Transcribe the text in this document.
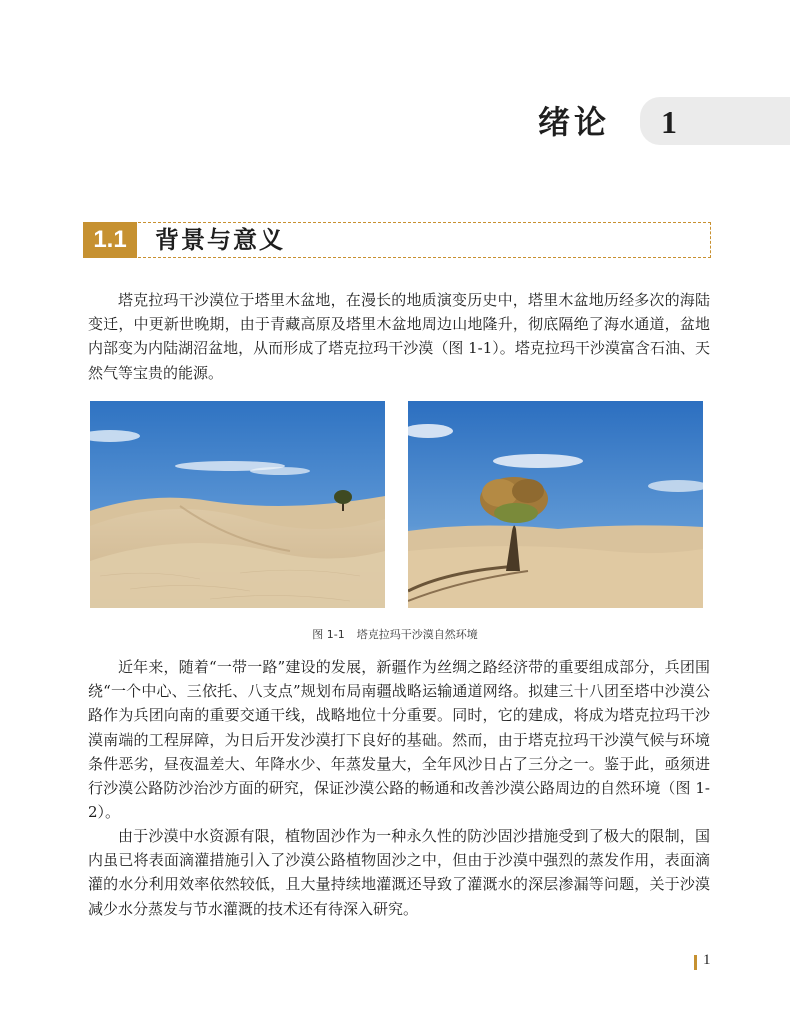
绪论 1
1.1	背景与意义

塔克拉玛干沙漠位于塔里木盆地，在漫长的地质演变历史中，塔里木盆地历经多次的海陆变迁，中更新世晚期，由于青藏高原及塔里木盆地周边山地隆升，彻底隔绝了海水通道，盆地内部变为内陆湖沼盆地，从而形成了塔克拉玛干沙漠（图 1-1）。塔克拉玛干沙漠富含石油、天然气等宝贵的能源。

图 1-1 塔克拉玛干沙漠自然环境

近年来，随着“一带一路”建设的发展，新疆作为丝绸之路经济带的重要组成部分，兵团围绕“一个中心、三依托、八支点”规划布局南疆战略运输通道网络。拟建三十八团至塔中沙漠公路作为兵团向南的重要交通干线，战略地位十分重要。同时，它的建成，将成为塔克拉玛干沙漠南端的工程屏障，为日后开发沙漠打下良好的基础。然而，由于塔克拉玛干沙漠气候与环境条件恶劣，昼夜温差大、年降水少、年蒸发量大，全年风沙日占了三分之一。鉴于此，亟须进行沙漠公路防沙治沙方面的研究，保证沙漠公路的畅通和改善沙漠公路周边的自然环境（图 1-2）。

由于沙漠中水资源有限，植物固沙作为一种永久性的防沙固沙措施受到了极大的限制，国内虽已将表面滴灌措施引入了沙漠公路植物固沙之中，但由于沙漠中强烈的蒸发作用，表面滴灌的水分利用效率依然较低，且大量持续地灌溉还导致了灌溉水的深层渗漏等问题，关于沙漠减少水分蒸发与节水灌溉的技术还有待深入研究。

1
